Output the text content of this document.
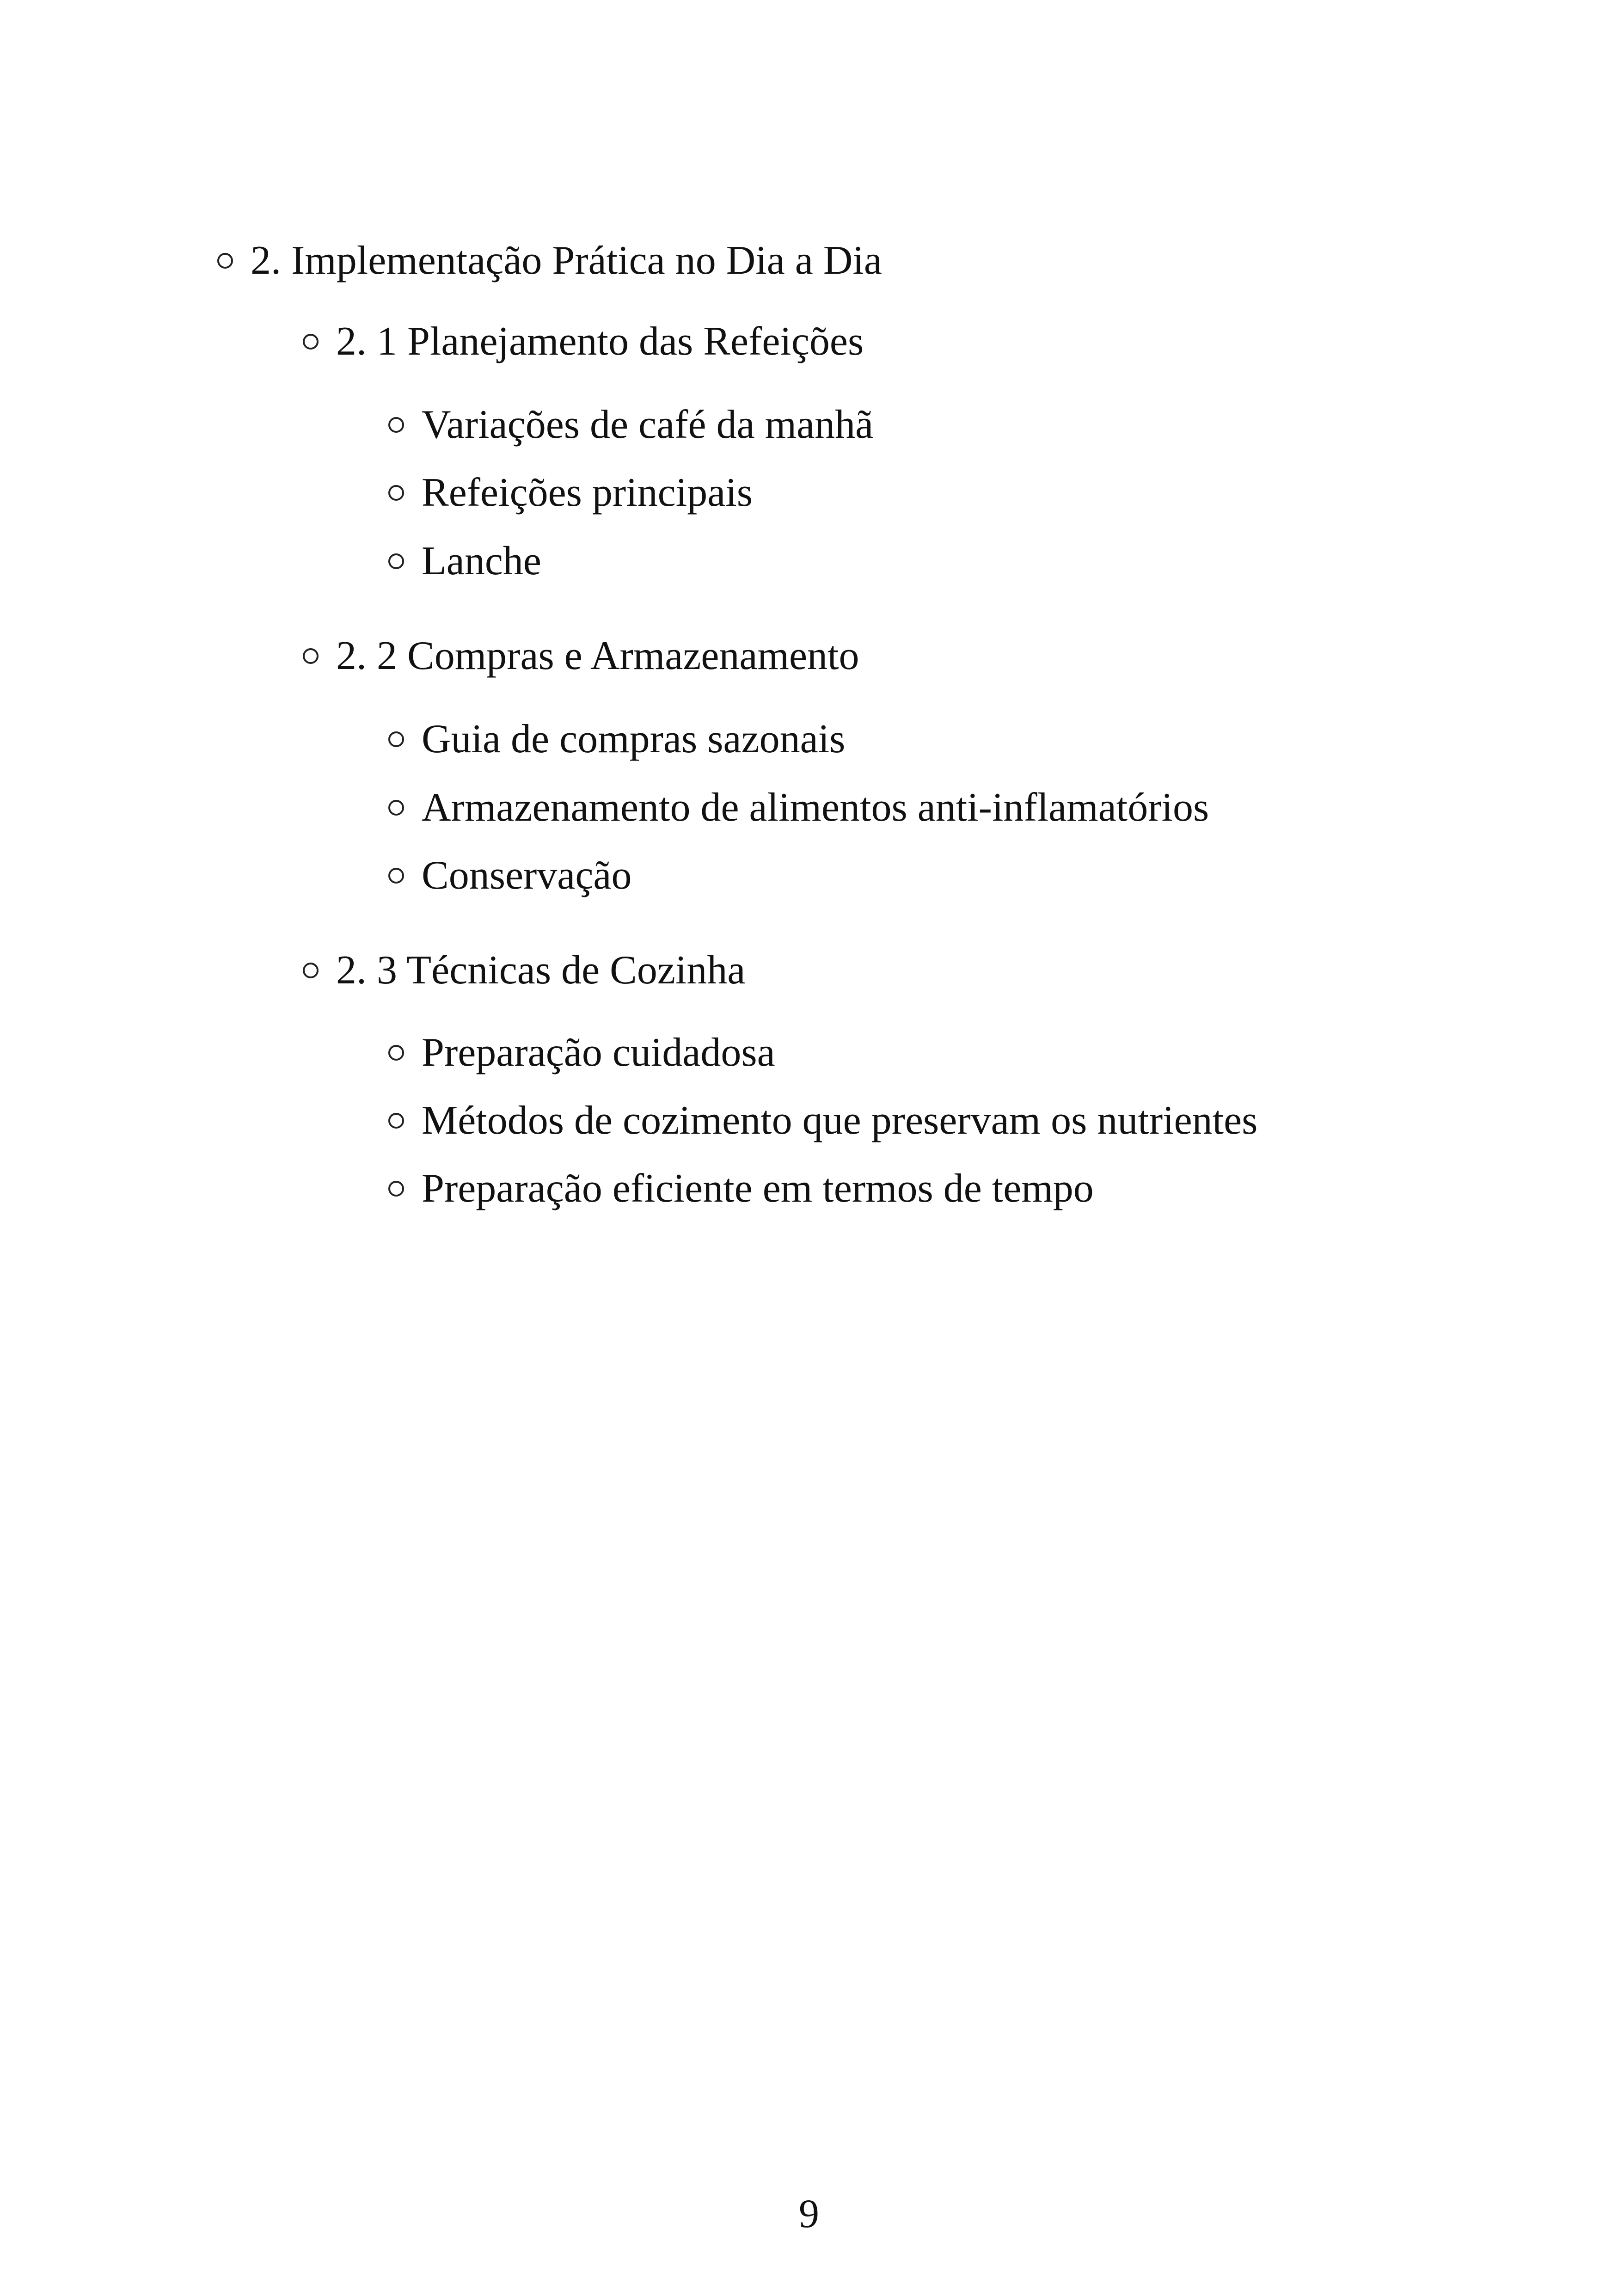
2. Implementação Prática no Dia a Dia
2. 1 Planejamento das Refeições
Variações de café da manhã
Refeições principais
Lanche
2. 2 Compras e Armazenamento
Guia de compras sazonais
Armazenamento de alimentos anti-inflamatórios
Conservação
2. 3 Técnicas de Cozinha
Preparação cuidadosa
Métodos de cozimento que preservam os nutrientes
Preparação eficiente em termos de tempo
9
